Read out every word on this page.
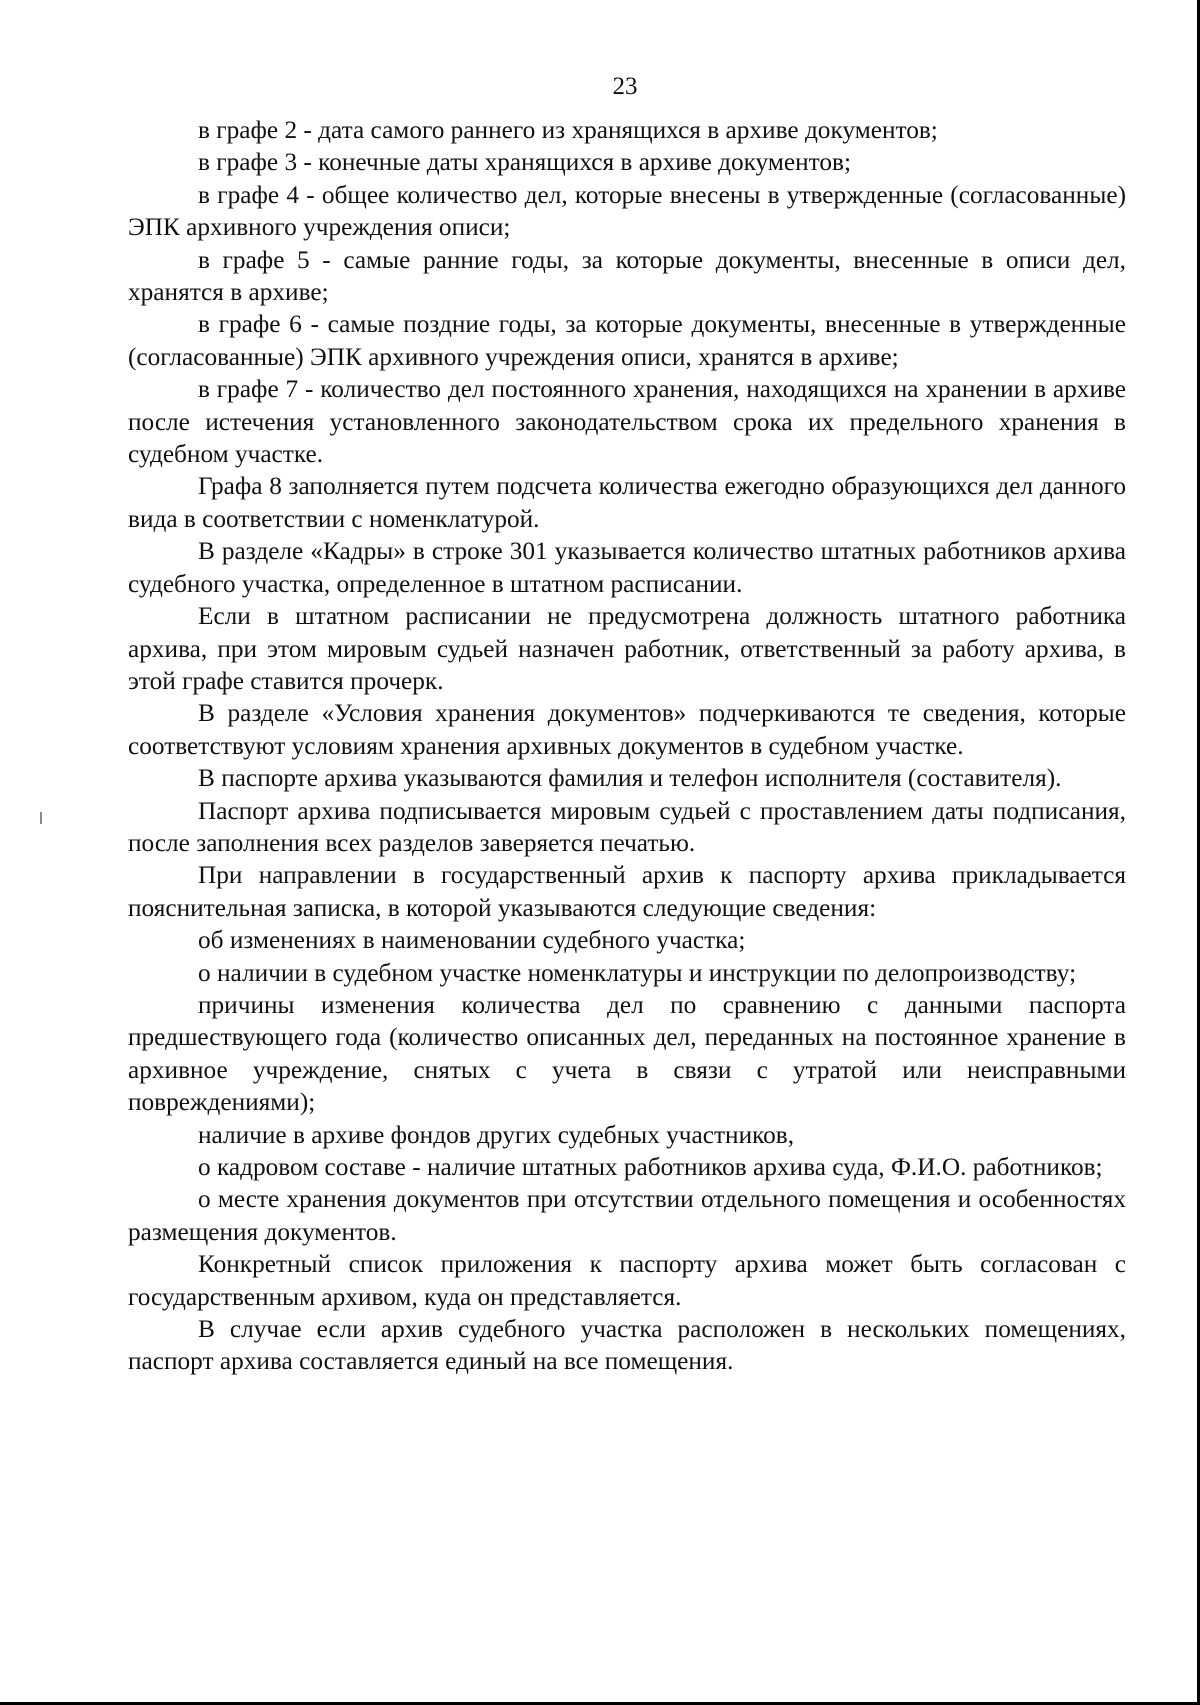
23

в графе 2 - дата самого раннего из хранящихся в архиве документов;

в графе 3 - конечные даты хранящихся в архиве документов;

в графе 4 - общее количество дел, которые внесены в утвержденные (согласованные) ЭПК архивного учреждения описи;

в графе 5 - самые ранние годы, за которые документы, внесенные в описи дел, хранятся в архиве;

в графе 6 - самые поздние годы, за которые документы, внесенные в утвержденные (согласованные) ЭПК архивного учреждения описи, хранятся в архиве;

в графе 7 - количество дел постоянного хранения, находящихся на хранении в архиве после истечения установленного законодательством срока их предельного хранения в судебном участке.

Графа 8 заполняется путем подсчета количества ежегодно образующихся дел данного вида в соответствии с номенклатурой.

В разделе «Кадры» в строке 301 указывается количество штатных работников архива судебного участка, определенное в штатном расписании.

Если в штатном расписании не предусмотрена должность штатного работника архива, при этом мировым судьей назначен работник, ответственный за работу архива, в этой графе ставится прочерк.

В разделе «Условия хранения документов» подчеркиваются те сведения, которые соответствуют условиям хранения архивных документов в судебном участке.

В паспорте архива указываются фамилия и телефон исполнителя (составителя).

Паспорт архива подписывается мировым судьей с проставлением даты подписания, после заполнения всех разделов заверяется печатью.

При направлении в государственный архив к паспорту архива прикладывается пояснительная записка, в которой указываются следующие сведения:

об изменениях в наименовании судебного участка;

о наличии в судебном участке номенклатуры и инструкции по делопроизводству;

причины изменения количества дел по сравнению с данными паспорта предшествующего года (количество описанных дел, переданных на постоянное хранение в архивное учреждение, снятых с учета в связи с утратой или неисправными повреждениями);

наличие в архиве фондов других судебных участников,

о кадровом составе - наличие штатных работников архива суда, Ф.И.О. работников;

о месте хранения документов при отсутствии отдельного помещения и особенностях размещения документов.

Конкретный список приложения к паспорту архива может быть согласован с государственным архивом, куда он представляется.

В случае если архив судебного участка расположен в нескольких помещениях, паспорт архива составляется единый на все помещения.
